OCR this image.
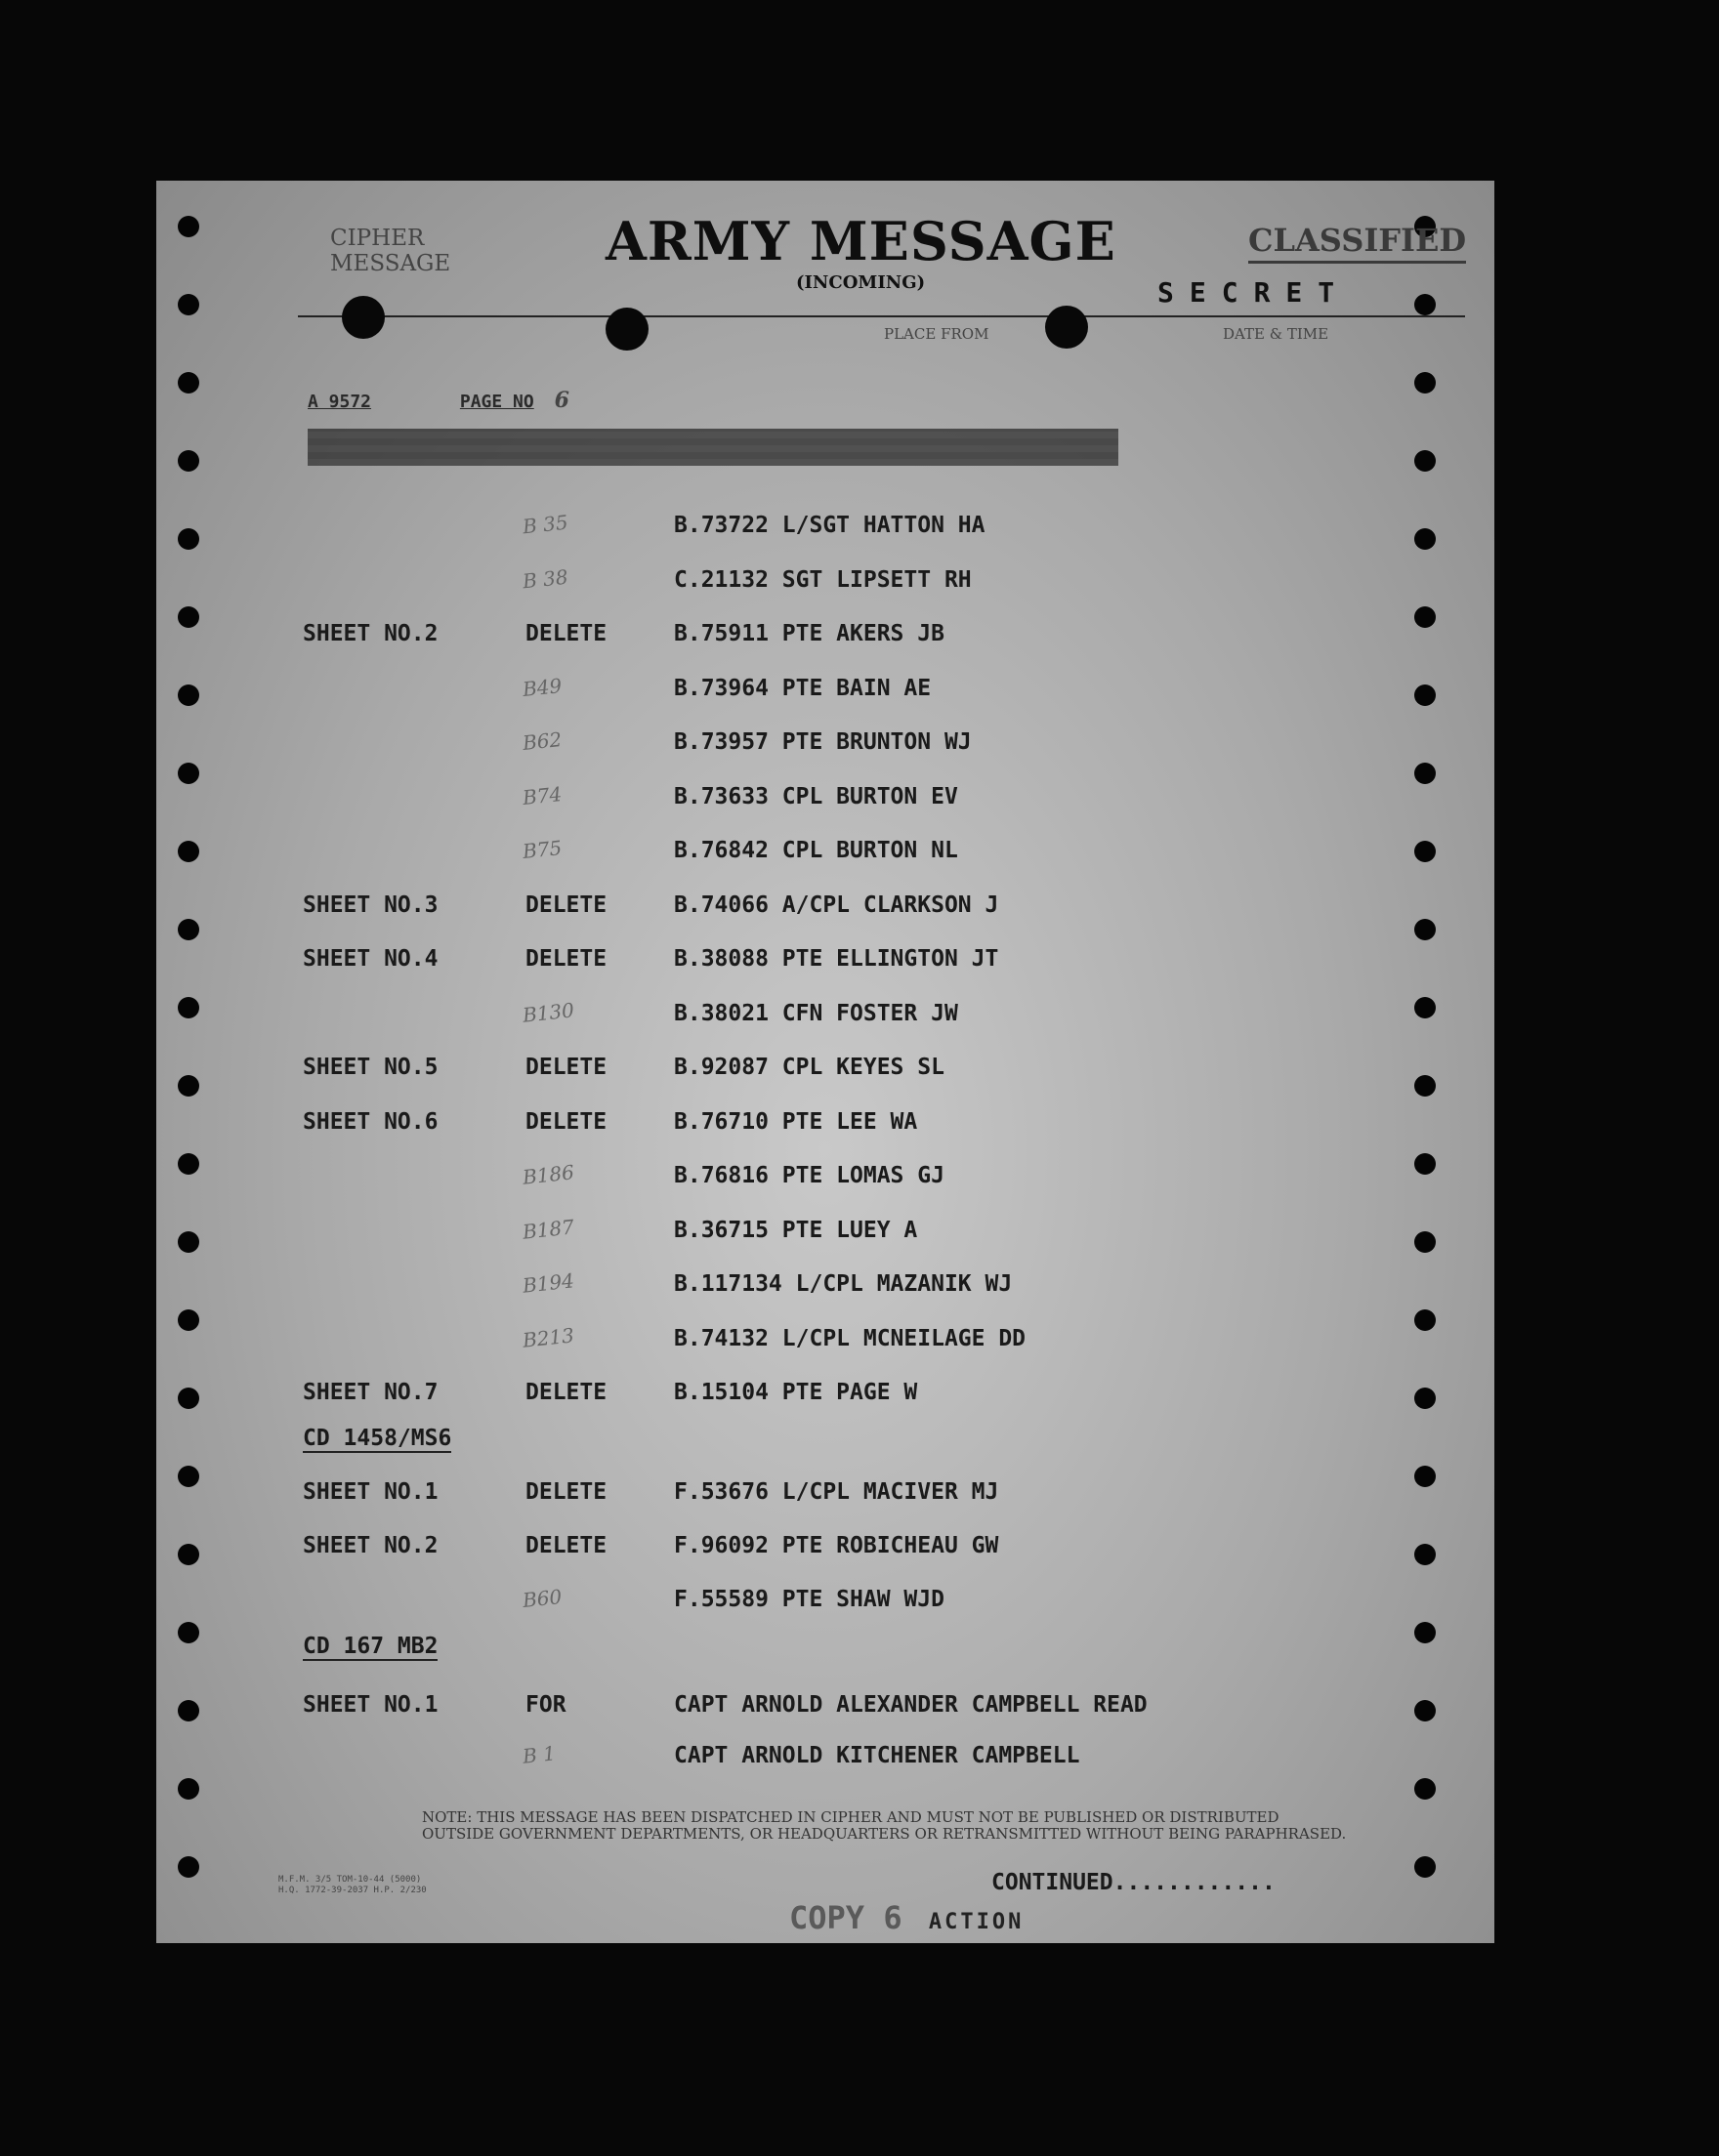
CIPHER
MESSAGE	ARMY MESSAGE
(INCOMING)
CLASSIFIED
SECRET
PLACE FROM	DATE & TIME
A 9572	PAGE NO 6
B 35	B.73722 L/SGT HATTON HA
B 38	C.21132 SGT LIPSETT RH
SHEET NO.2	DELETE	B.75911 PTE AKERS JB
B49	B.73964 PTE BAIN AE
B62	B.73957 PTE BRUNTON WJ
B74	B.73633 CPL BURTON EV
B75	B.76842 CPL BURTON NL
SHEET NO.3	DELETE	B.74066 A/CPL CLARKSON J
SHEET NO.4	DELETE	B.38088 PTE ELLINGTON JT
B130	B.38021 CFN FOSTER JW
SHEET NO.5	DELETE	B.92087 CPL KEYES SL
SHEET NO.6	DELETE	B.76710 PTE LEE WA
B186	B.76816 PTE LOMAS GJ
B187	B.36715 PTE LUEY A
B194	B.117134 L/CPL MAZANIK WJ
B213	B.74132 L/CPL MCNEILAGE DD
SHEET NO.7	DELETE	B.15104 PTE PAGE W
CD 1458/MS6
SHEET NO.1	DELETE	F.53676 L/CPL MACIVER MJ
SHEET NO.2	DELETE	F.96092 PTE ROBICHEAU GW
B60	F.55589 PTE SHAW WJD
CD 167 MB2
SHEET NO.1	FOR	CAPT ARNOLD ALEXANDER CAMPBELL READ
B 1	CAPT ARNOLD KITCHENER CAMPBELL
NOTE: THIS MESSAGE HAS BEEN DISPATCHED IN CIPHER AND MUST NOT BE PUBLISHED OR DISTRIBUTED
OUTSIDE GOVERNMENT DEPARTMENTS, OR HEADQUARTERS OR RETRANSMITTED WITHOUT BEING PARAPHRASED.
M.F.M. 3/5 TOM-10-44 (5000)
H.Q. 1772-39-2037 H.P. 2/230	CONTINUED............
COPY 6 ACTION
